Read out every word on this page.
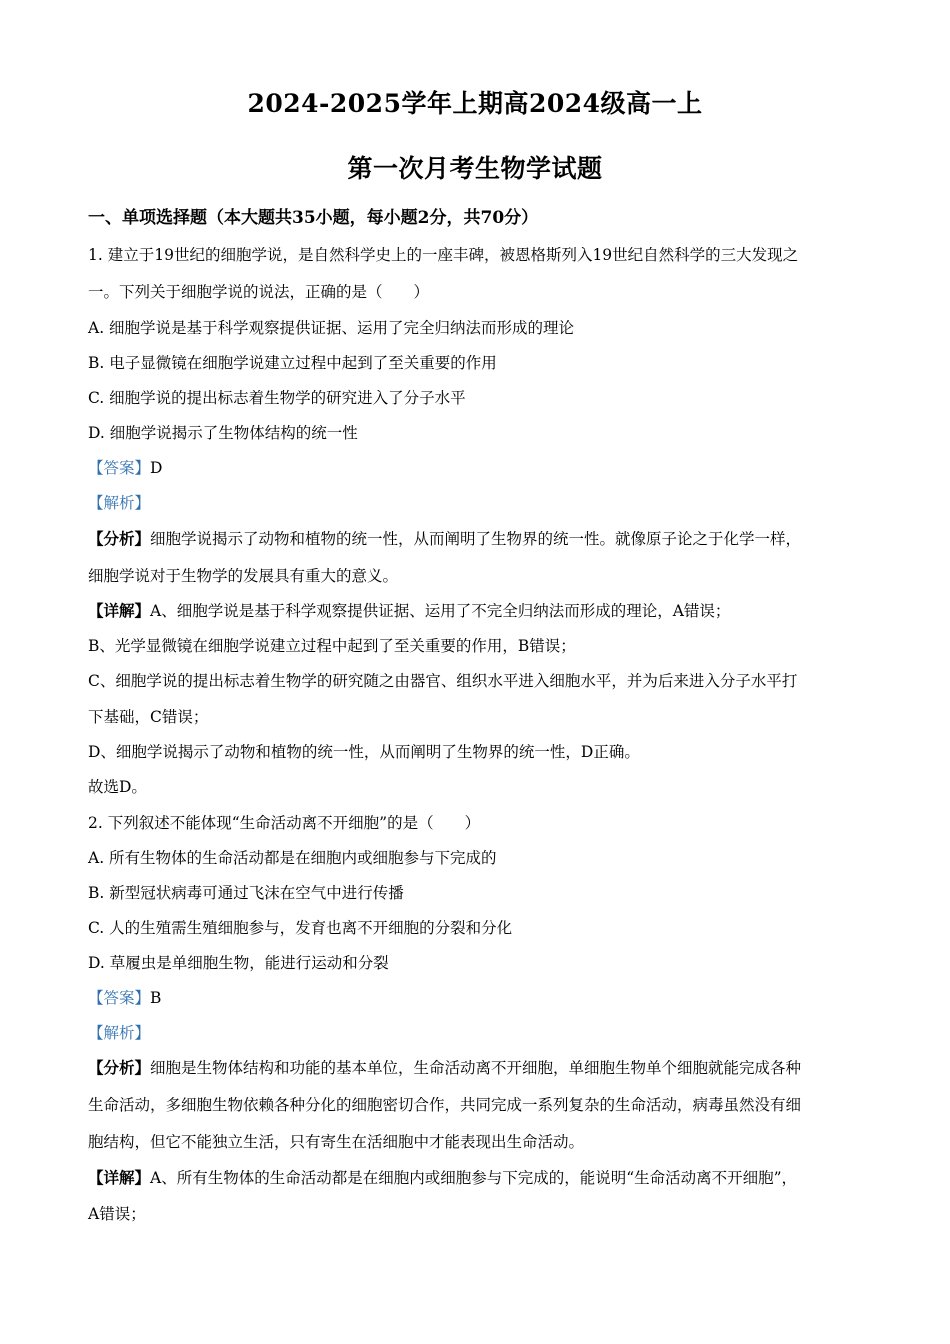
2024-2025学年上期高2024级高一上
第一次月考生物学试题
一、单项选择题（本大题共35小题，每小题2分，共70分）
1. 建立于19世纪的细胞学说，是自然科学史上的一座丰碑，被恩格斯列入19世纪自然科学的三大发现之
一。下列关于细胞学说的说法，正确的是（　　）
A. 细胞学说是基于科学观察提供证据、运用了完全归纳法而形成的理论
B. 电子显微镜在细胞学说建立过程中起到了至关重要的作用
C. 细胞学说的提出标志着生物学的研究进入了分子水平
D. 细胞学说揭示了生物体结构的统一性
【答案】D
【解析】
【分析】细胞学说揭示了动物和植物的统一性，从而阐明了生物界的统一性。就像原子论之于化学一样，
细胞学说对于生物学的发展具有重大的意义。
【详解】A、细胞学说是基于科学观察提供证据、运用了不完全归纳法而形成的理论，A错误；
B、光学显微镜在细胞学说建立过程中起到了至关重要的作用，B错误；
C、细胞学说的提出标志着生物学的研究随之由器官、组织水平进入细胞水平，并为后来进入分子水平打
下基础，C错误；
D、细胞学说揭示了动物和植物的统一性，从而阐明了生物界的统一性，D正确。
故选D。
2. 下列叙述不能体现“生命活动离不开细胞”的是（　　）
A. 所有生物体的生命活动都是在细胞内或细胞参与下完成的
B. 新型冠状病毒可通过飞沫在空气中进行传播
C. 人的生殖需生殖细胞参与，发育也离不开细胞的分裂和分化
D. 草履虫是单细胞生物，能进行运动和分裂
【答案】B
【解析】
【分析】细胞是生物体结构和功能的基本单位，生命活动离不开细胞，单细胞生物单个细胞就能完成各种
生命活动，多细胞生物依赖各种分化的细胞密切合作，共同完成一系列复杂的生命活动，病毒虽然没有细
胞结构，但它不能独立生活，只有寄生在活细胞中才能表现出生命活动。
【详解】A、所有生物体的生命活动都是在细胞内或细胞参与下完成的，能说明“生命活动离不开细胞”，
A错误；
